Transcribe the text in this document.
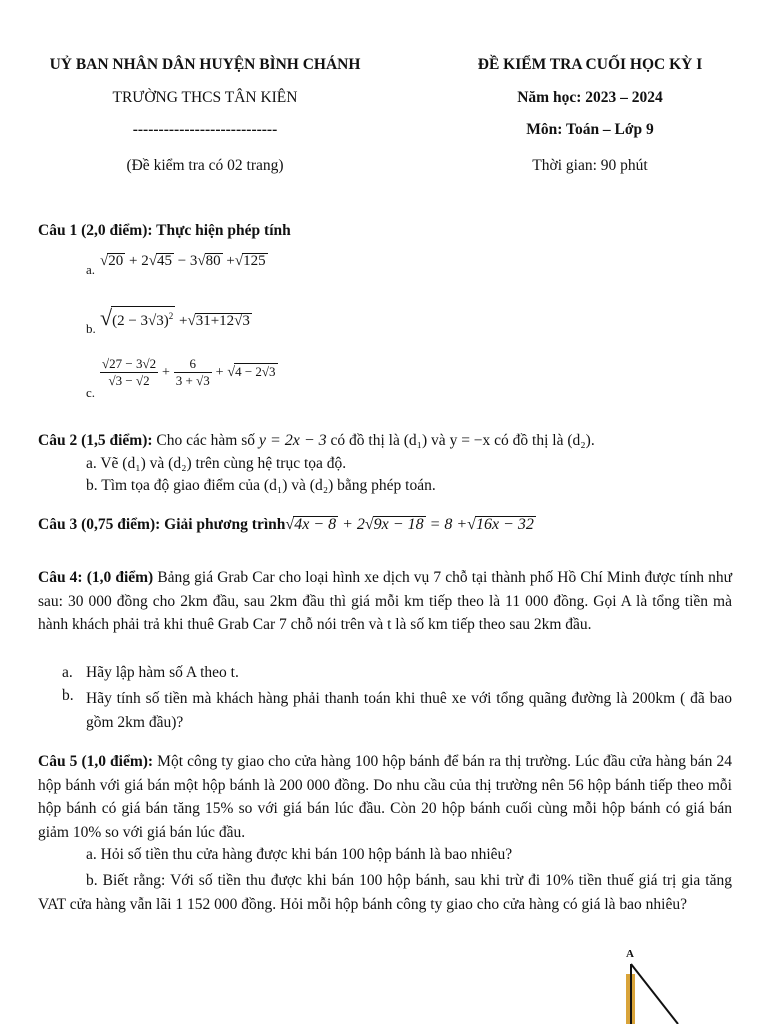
UỶ BAN NHÂN DÂN HUYỆN BÌNH CHÁNH
TRƯỜNG THCS TÂN KIÊN
----------------------------
(Đề kiểm tra có 02 trang)
ĐỀ KIỂM TRA CUỐI HỌC KỲ I
Năm học: 2023 – 2024
Môn: Toán – Lớp 9
Thời gian: 90 phút
Câu 1 (2,0 điểm): Thực hiện phép tính
a.
√20 + 2√45 − 3√80 +√125
b. $√(2 - 3√3)^2 +√31+12√3$
c.
$\frac{√27 - 3√2}{√3 - √2} + \frac{6}{3 + √3} + √4 - 2√3$
Câu 2 (1,5 điểm): Cho các hàm số y = 2x − 3 có đồ thị là (d₁) và y = −x có đồ thị là (d₂).
a. Vẽ (d₁) và (d₂) trên cùng hệ trục tọa độ.
b. Tìm tọa độ giao điểm của (d₁) và (d₂) bằng phép toán.
Câu 3 (0,75 điểm): Giải phương trình√4x − 8 + 2√9x − 18 = 8 +√16x − 32
Câu 4: (1,0 điểm) Bảng giá Grab Car cho loại hình xe dịch vụ 7 chỗ tại thành phố Hồ Chí Minh được tính như sau: 30 000 đồng cho 2km đầu, sau 2km đầu thì giá mỗi km tiếp theo là 11 000 đồng. Gọi A là tổng tiền mà hành khách phải trả khi thuê Grab Car 7 chỗ nói trên và t là số km tiếp theo sau 2km đầu.
a. Hãy lập hàm số A theo t.
b. Hãy tính số tiền mà khách hàng phải thanh toán khi thuê xe với tổng quãng đường là 200km ( đã bao gồm 2km đầu)?
Câu 5 (1,0 điểm): Một công ty giao cho cửa hàng 100 hộp bánh để bán ra thị trường. Lúc đầu cửa hàng bán 24 hộp bánh với giá bán một hộp bánh là 200 000 đồng. Do nhu cầu của thị trường nên 56 hộp bánh tiếp theo mỗi hộp bánh có giá bán tăng 15% so với giá bán lúc đầu. Còn 20 hộp bánh cuối cùng mỗi hộp bánh có giá bán giảm 10% so với giá bán lúc đầu.
a. Hỏi số tiền thu cửa hàng được khi bán 100 hộp bánh là bao nhiêu?
b. Biết rằng: Với số tiền thu được khi bán 100 hộp bánh, sau khi trừ đi 10% tiền thuế giá trị gia tăng VAT cửa hàng vẫn lãi 1 152 000 đồng. Hỏi mỗi hộp bánh công ty giao cho cửa hàng có giá là bao nhiêu?
A
